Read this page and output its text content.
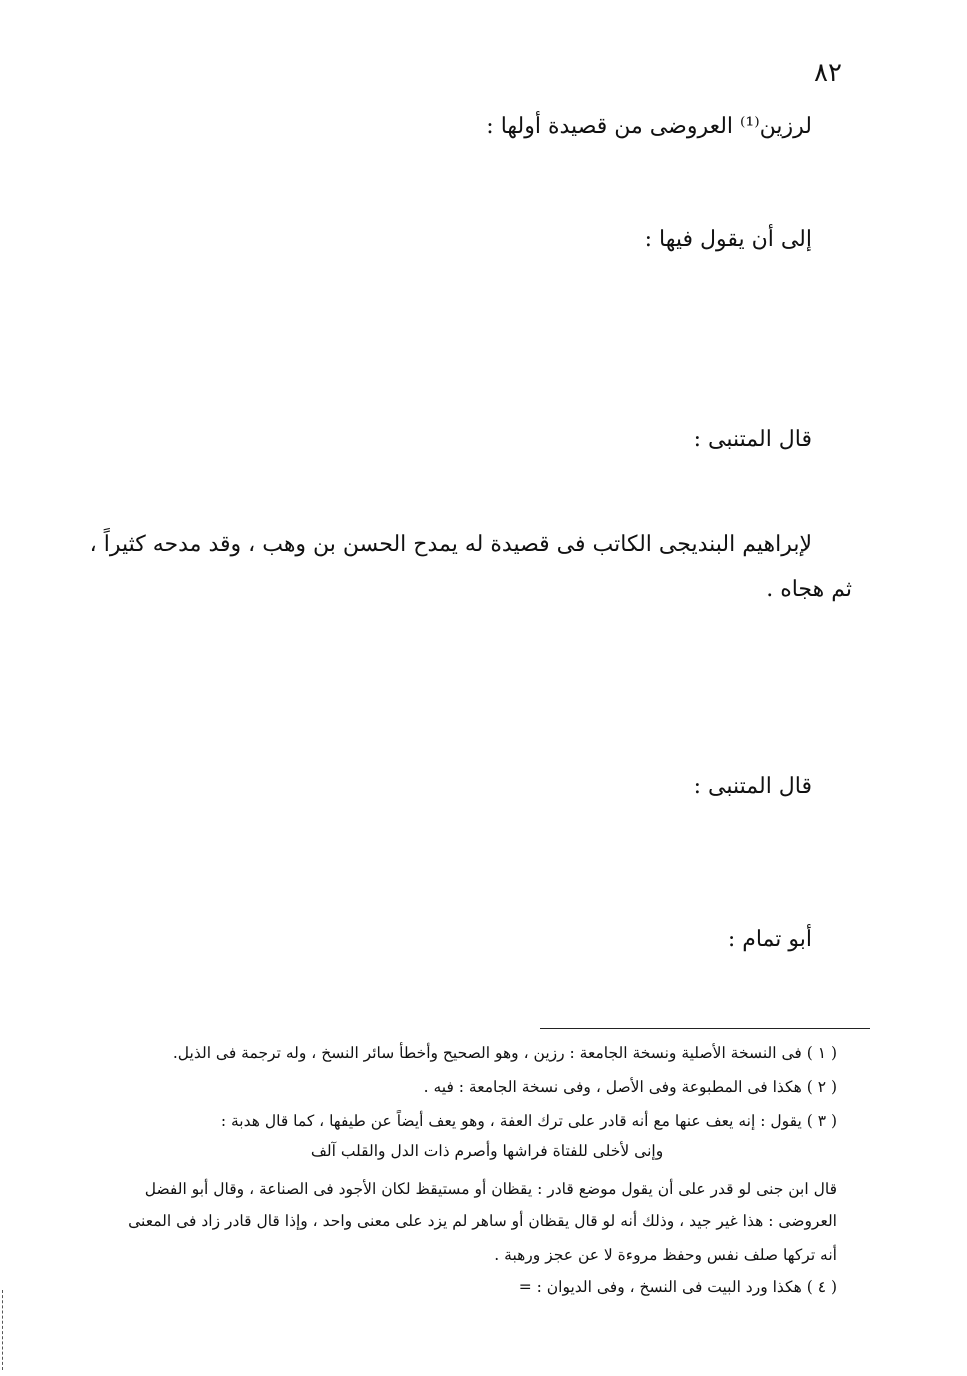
٨٢
لرزين⁽¹⁾ العروضى من قصيدة أولها :
إلى أن يقول فيها :
قال المتنبى :
لإبراهيم البنديجى الكاتب فى قصيدة له يمدح الحسن بن وهب ، وقد مدحه كثيراً ،
ثم هجاه .
قال المتنبى :
أبو تمام :
( ١ ) فى النسخة الأصلية ونسخة الجامعة : رزين ، وهو الصحيح وأخطأ سائر النسخ ، وله ترجمة فى الذيل.
( ٢ ) هكذا فى المطبوعة وفى الأصل ، وفى نسخة الجامعة : فيه .
( ٣ ) يقول : إنه يعف عنها مع أنه قادر على ترك العفة ، وهو يعف أيضاً عن طيفها ، كما قال هدبة :
وإنى لأخلى للفتاة فراشها وأصرم ذات الدل والقلب آلف
قال ابن جنى لو قدر على أن يقول موضع قادر : يقظان أو مستيقظ لكان الأجود فى الصناعة ، وقال أبو الفضل
العروضى : هذا غير جيد ، وذلك أنه لو قال يقظان أو ساهر لم يزد على معنى واحد ، وإذا قال قادر زاد فى المعنى
أنه تركها صلف نفس وحفظ مروءة لا عن عجز ورهبة .
( ٤ ) هكذا ورد البيت فى النسخ ، وفى الديوان : =
